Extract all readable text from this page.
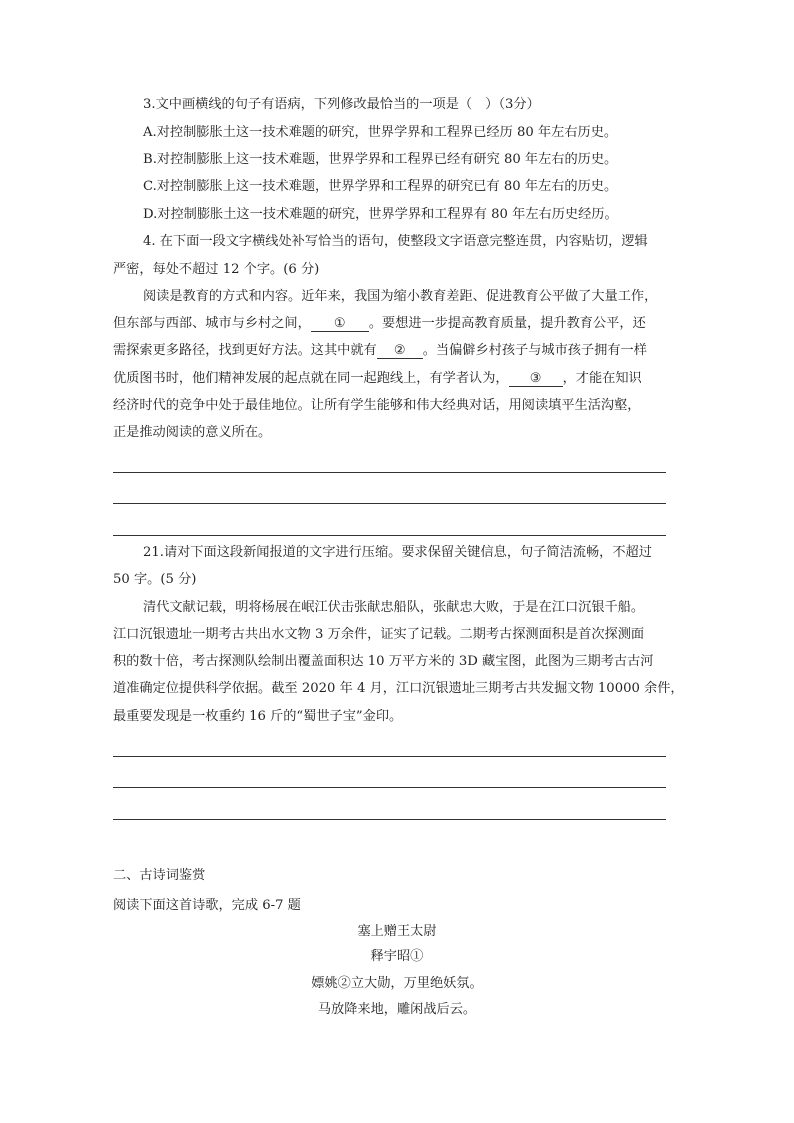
3.文中画横线的句子有语病，下列修改最恰当的一项是（　）（3分）
A.对控制膨胀土这一技术难题的研究，世界学界和工程界已经历 80 年左右历史。
B.对控制膨胀上这一技术难题，世界学界和工程界已经有研究 80 年左右的历史。
C.对控制膨胀上这一技术难题，世界学界和工程界的研究已有 80 年左右的历史。
D.对控制膨胀土这一技术难题的研究，世界学界和工程界有 80 年左右历史经历。
4. 在下面一段文字横线处补写恰当的语句，使整段文字语意完整连贯，内容贴切，逻辑
严密，每处不超过 12 个字。(6 分)
阅读是教育的方式和内容。近年来，我国为缩小教育差距、促进教育公平做了大量工作，
但东部与西部、城市与乡村之间， ① 。要想进一步提高教育质量，提升教育公平，还
需探索更多路径，找到更好方法。这其中就有 ② 。当偏僻乡村孩子与城市孩子拥有一样
优质图书时，他们精神发展的起点就在同一起跑线上，有学者认为， ③ ，才能在知识
经济时代的竞争中处于最佳地位。让所有学生能够和伟大经典对话，用阅读填平生活沟壑，
正是推动阅读的意义所在。
21.请对下面这段新闻报道的文字进行压缩。要求保留关键信息，句子简洁流畅，不超过
50 字。(5 分)
清代文献记载，明将杨展在岷江伏击张献忠船队，张献忠大败，于是在江口沉银千船。
江口沉银遗址一期考古共出水文物 3 万余件，证实了记载。二期考古探测面积是首次探测面
积的数十倍，考古探测队绘制出覆盖面积达 10 万平方米的 3D 藏宝图，此图为三期考古古河
道准确定位提供科学依据。截至 2020 年 4 月，江口沉银遗址三期考古共发掘文物 10000 余件，
最重要发现是一枚重约 16 斤的“蜀世子宝”金印。
二、古诗词鉴赏
阅读下面这首诗歌，完成 6-7 题
塞上赠王太尉
释宇昭①
嫖姚②立大勋，万里绝妖氛。
马放降来地，雕闲战后云。
